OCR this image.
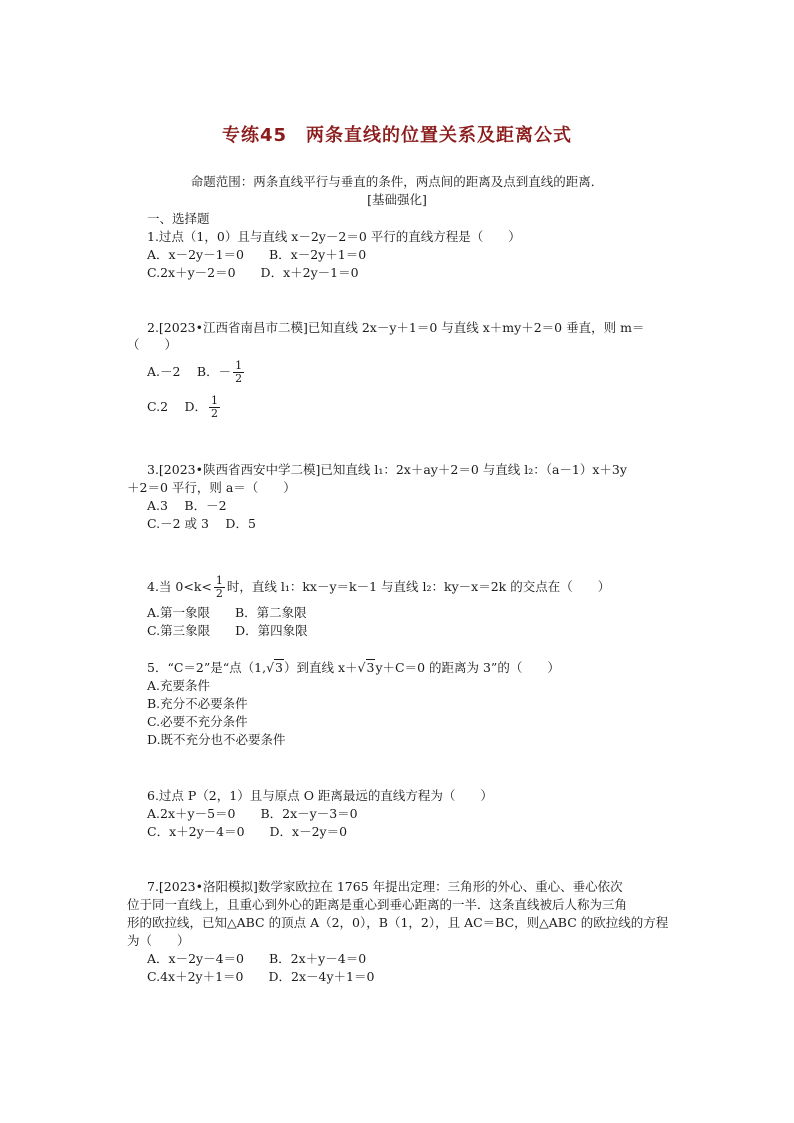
专练45　两条直线的位置关系及距离公式
命题范围：两条直线平行与垂直的条件，两点间的距离及点到直线的距离．
[基础强化]
一、选择题
1.过点（1，0）且与直线 x－2y－2＝0 平行的直线方程是（　　）
A．x－2y－1＝0　　B．x－2y＋1＝0
C.2x＋y－2＝0　　D．x＋2y－1＝0
2.[2023•江西省南昌市二模]已知直线 2x－y＋1＝0 与直线 x＋my＋2＝0 垂直，则 m＝
（　　）
A.－2　 B．－ $\frac{1}{2}$
C.2　 D． $\frac{1}{2}$
3.[2023•陕西省西安中学二模]已知直线 l₁：2x＋ay＋2＝0 与直线 l₂：（a－1）x＋3y
＋2＝0 平行，则 a＝（　　）
A.3　 B．－2
C.－2 或 3　 D．5
4.当 $0<k< \frac{1}{2}$ 时，直线 l₁：kx－y＝k－1 与直线 l₂：ky－x＝2k 的交点在（　　）
A.第一象限　　B．第二象限
C.第三象限　　D．第四象限
5．“C＝2”是“点（1,√3）到直线 x＋√3y＋C＝0 的距离为 3”的（　　）
A.充要条件
B.充分不必要条件
C.必要不充分条件
D.既不充分也不必要条件
6.过点 P（2，1）且与原点 O 距离最远的直线方程为（　　）
A.2x＋y－5＝0　　B．2x－y－3＝0
C．x＋2y－4＝0　　D．x－2y＝0
7.[2023•洛阳模拟]数学家欧拉在 1765 年提出定理：三角形的外心、重心、垂心依次
位于同一直线上，且重心到外心的距离是重心到垂心距离的一半．这条直线被后人称为三角
形的欧拉线，已知△ABC 的顶点 A（2，0），B（1，2），且 AC＝BC，则△ABC 的欧拉线的方程
为（　　）
A．x－2y－4＝0　　B．2x＋y－4＝0
C.4x＋2y＋1＝0　　D．2x－4y＋1＝0
